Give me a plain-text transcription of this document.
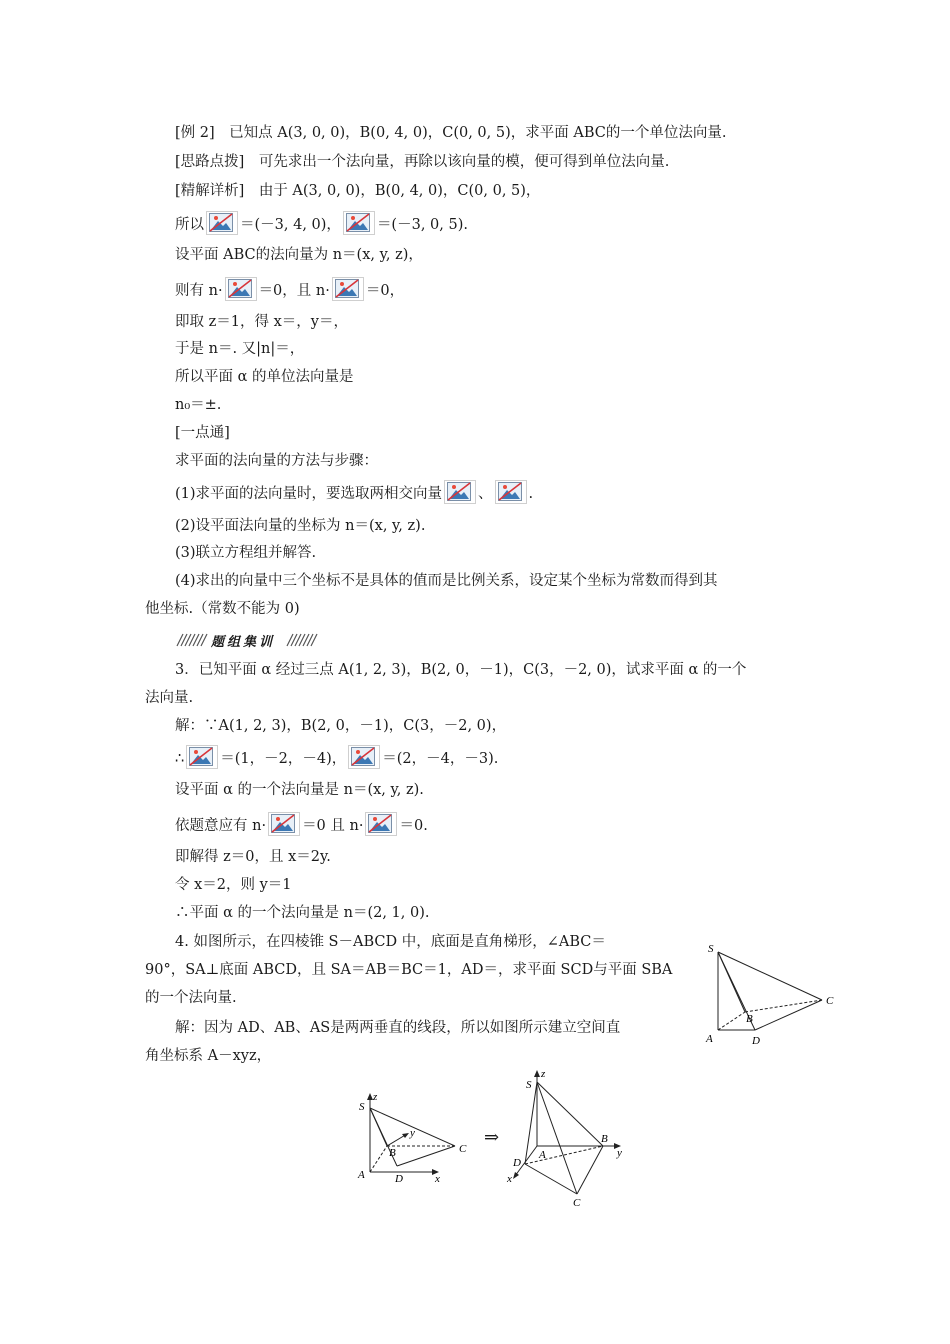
[例 2]　已知点 A(3, 0, 0)，B(0, 4, 0)，C(0, 0, 5)，求平面 ABC的一个单位法向量.
[思路点拨]　可先求出一个法向量，再除以该向量的模，便可得到单位法向量.
[精解详析]　由于 A(3, 0, 0)，B(0, 4, 0)，C(0, 0, 5)，
所以 ＝(－3, 4, 0)， ＝(－3, 0, 5).
设平面 ABC的法向量为 n＝(x, y, z)，
则有 n· ＝0，且 n· ＝0，
即取 z＝1，得 x＝，y＝，
于是 n＝. 又|n|＝，
所以平面 α 的单位法向量是
n₀＝±.
[一点通]
求平面的法向量的方法与步骤：
(1)求平面的法向量时，要选取两相交向量 、 .
(2)设平面法向量的坐标为 n＝(x, y, z).
(3)联立方程组并解答.
(4)求出的向量中三个坐标不是具体的值而是比例关系，设定某个坐标为常数而得到其
他坐标.（常数不能为 0)
题组集训
3．已知平面 α 经过三点 A(1, 2, 3)，B(2, 0，－1)，C(3，－2, 0)，试求平面 α 的一个
法向量.
解：∵A(1, 2, 3)，B(2, 0，－1)，C(3，－2, 0)，
∴ ＝(1，－2，－4)， ＝(2，－4，－3).
设平面 α 的一个法向量是 n＝(x, y, z).
依题意应有 n· ＝0 且 n· ＝0.
即解得 z＝0，且 x＝2y.
令 x＝2，则 y＝1
∴平面 α 的一个法向量是 n＝(2, 1, 0).
4. 如图所示，在四棱锥 S－ABCD 中，底面是直角梯形，∠ABC＝
90°，SA⊥底面 ABCD，且 SA＝AB＝BC＝1，AD＝，求平面 SCD与平面 SBA
的一个法向量.
解：因为 AD、AB、AS是两两垂直的线段，所以如图所示建立空间直
角坐标系 A－xyz，
S
A
B
C
D
z
S
A
B	C
D	x
y	⇒
z
S
A
B
C
D
x
y
